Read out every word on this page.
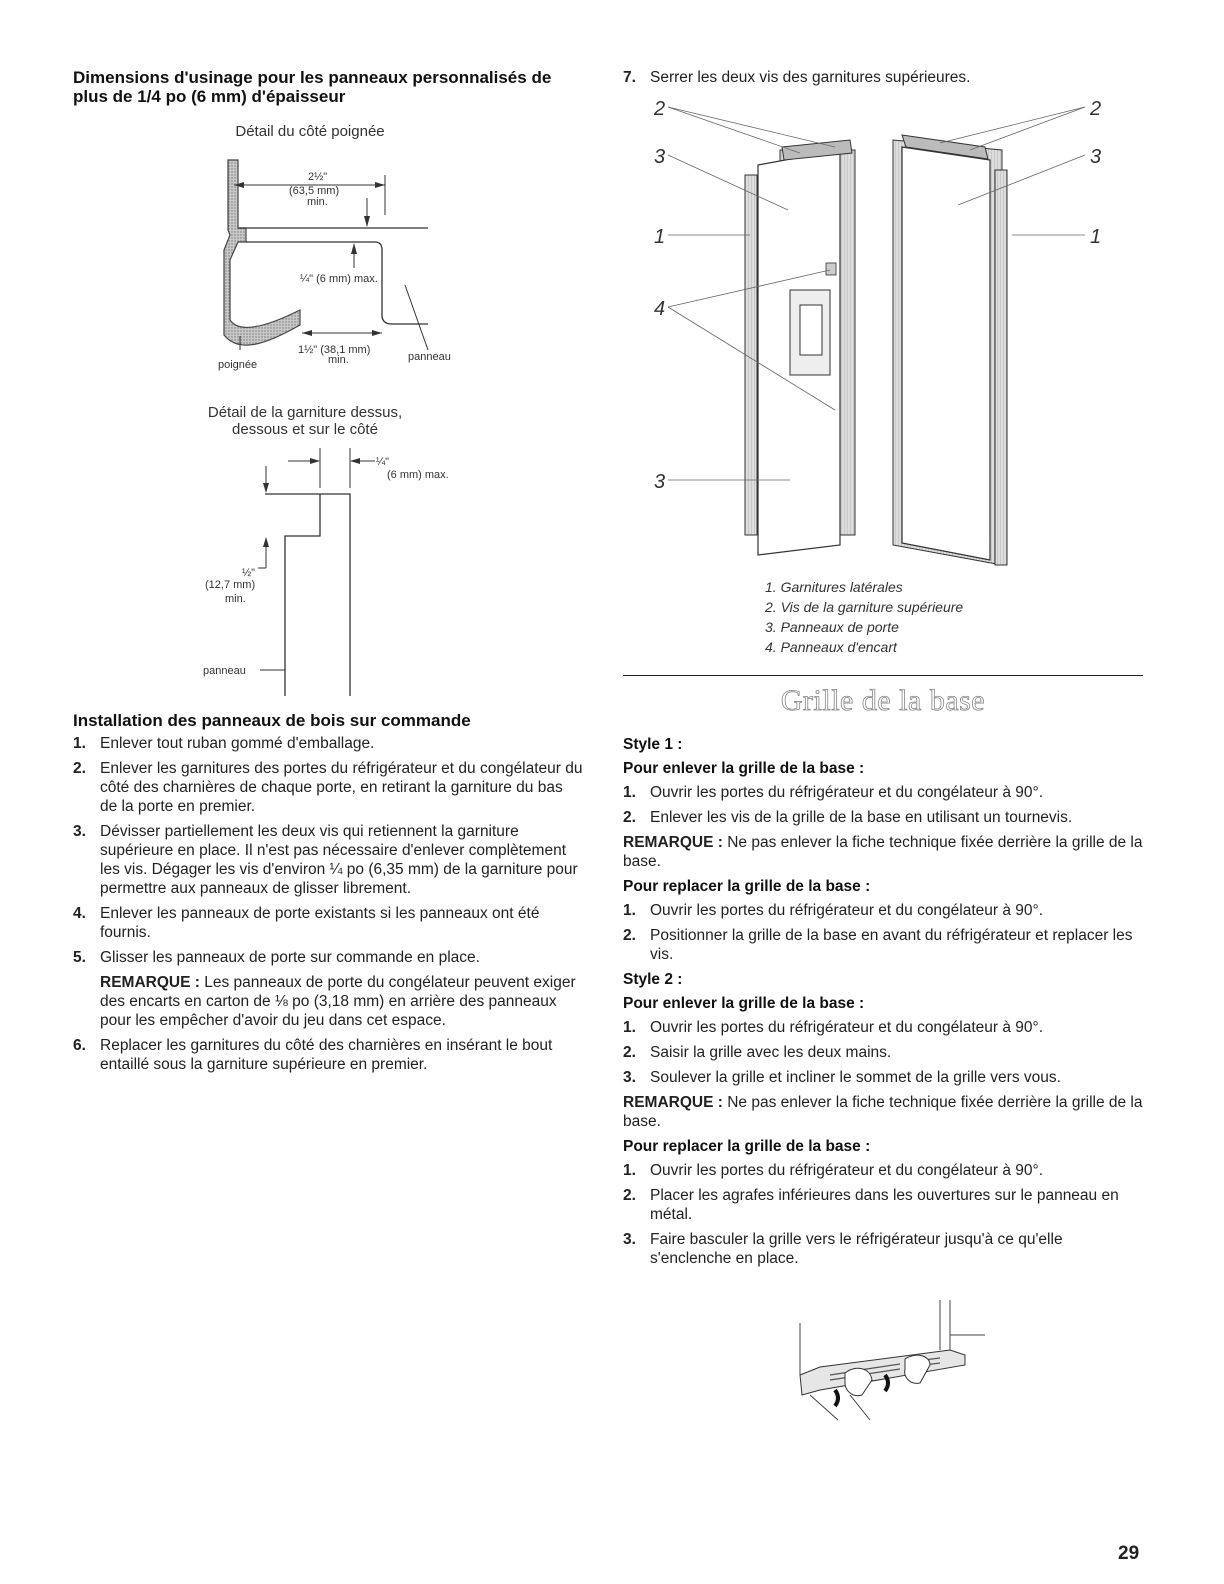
Dimensions d'usinage pour les panneaux personnalisés de plus de 1/4 po (6 mm) d'épaisseur
Détail du côté poignée
2½"
(63,5 mm)
min.
¼" (6 mm) max.
1½" (38,1 mm)
min.
poignée
panneau
Détail de la garniture dessus,
dessous et sur le côté
¼"
(6 mm) max.
½"
(12,7 mm)
min.
panneau
Installation des panneaux de bois sur commande
1. Enlever tout ruban gommé d'emballage.
2. Enlever les garnitures des portes du réfrigérateur et du congélateur du côté des charnières de chaque porte, en retirant la garniture du bas de la porte en premier.
3. Dévisser partiellement les deux vis qui retiennent la garniture supérieure en place. Il n'est pas nécessaire d'enlever complètement les vis. Dégager les vis d'environ ¼ po (6,35 mm) de la garniture pour permettre aux panneaux de glisser librement.
4. Enlever les panneaux de porte existants si les panneaux ont été fournis.
5. Glisser les panneaux de porte sur commande en place.
REMARQUE : Les panneaux de porte du congélateur peuvent exiger des encarts en carton de ⅛ po (3,18 mm) en arrière des panneaux pour les empêcher d'avoir du jeu dans cet espace.
6. Replacer les garnitures du côté des charnières en insérant le bout entaillé sous la garniture supérieure en premier.
7. Serrer les deux vis des garnitures supérieures.
2	2
3	3
1	1
4
3
1. Garnitures latérales
2. Vis de la garniture supérieure
3. Panneaux de porte
4. Panneaux d'encart
Grille de la base
Style 1 :
Pour enlever la grille de la base :
1. Ouvrir les portes du réfrigérateur et du congélateur à 90°.
2. Enlever les vis de la grille de la base en utilisant un tournevis.
REMARQUE : Ne pas enlever la fiche technique fixée derrière la grille de la base.
Pour replacer la grille de la base :
1. Ouvrir les portes du réfrigérateur et du congélateur à 90°.
2. Positionner la grille de la base en avant du réfrigérateur et replacer les vis.
Style 2 :
Pour enlever la grille de la base :
1. Ouvrir les portes du réfrigérateur et du congélateur à 90°.
2. Saisir la grille avec les deux mains.
3. Soulever la grille et incliner le sommet de la grille vers vous.
REMARQUE : Ne pas enlever la fiche technique fixée derrière la grille de la base.
Pour replacer la grille de la base :
1. Ouvrir les portes du réfrigérateur et du congélateur à 90°.
2. Placer les agrafes inférieures dans les ouvertures sur le panneau en métal.
3. Faire basculer la grille vers le réfrigérateur jusqu'à ce qu'elle s'enclenche en place.
29
